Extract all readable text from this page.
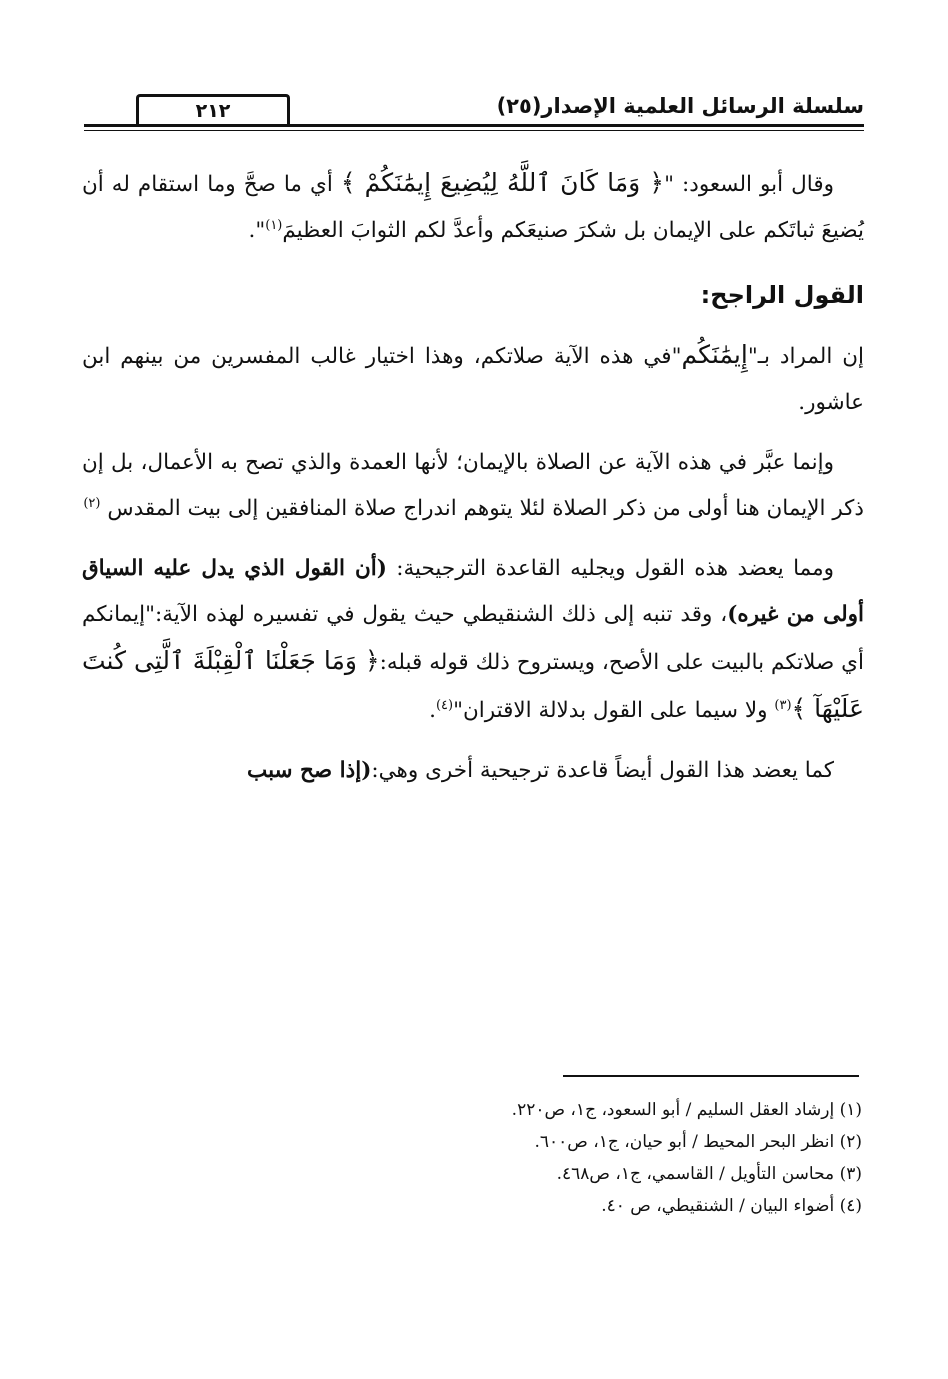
٢١٢	سلسلة الرسائل العلمية الإصدار(٢٥)

وقال أبو السعود: "﴿ وَمَا كَانَ ٱللَّهُ لِيُضِيعَ إِيمَٰنَكُمْ ﴾ أي ما صحَّ وما استقام له أن يُضيعَ ثباتَكم على الإيمان بل شكرَ صنيعَكم وأعدَّ لكم الثوابَ العظيمَ$^{(١)}$".

القول الراجح:

إن المراد بـ"إِيمَٰنَكُم"في هذه الآية صلاتكم، وهذا اختيار غالب المفسرين من بينهم ابن عاشور.

وإنما عبَّر في هذه الآية عن الصلاة بالإيمان؛ لأنها العمدة والذي تصح به الأعمال، بل إن ذكر الإيمان هنا أولى من ذكر الصلاة لئلا يتوهم اندراج صلاة المنافقين إلى بيت المقدس $^{(٢)}$

ومما يعضد هذه القول ويجليه القاعدة الترجيحية: (أن القول الذي يدل عليه السياق أولى من غيره)، وقد تنبه إلى ذلك الشنقيطي حيث يقول في تفسيره لهذه الآية:"إيمانكم أي صلاتكم بالبيت على الأصح، ويستروح ذلك قوله قبله:﴿ وَمَا جَعَلْنَا ٱلْقِبْلَةَ ٱلَّتِى كُنتَ عَلَيْهَآ ﴾$^{(٣)}$ ولا سيما على القول بدلالة الاقتران"$^{(٤)}$.

كما يعضد هذا القول أيضاً قاعدة ترجيحية أخرى وهي:(إذا صح سبب

(١) إرشاد العقل السليم / أبو السعود، ج١، ص٢٢٠.

(٢) انظر البحر المحيط / أبو حيان، ج١، ص٦٠٠.

(٣) محاسن التأويل / القاسمي، ج١، ص٤٦٨.

(٤) أضواء البيان / الشنقيطي، ص ٤٠.
